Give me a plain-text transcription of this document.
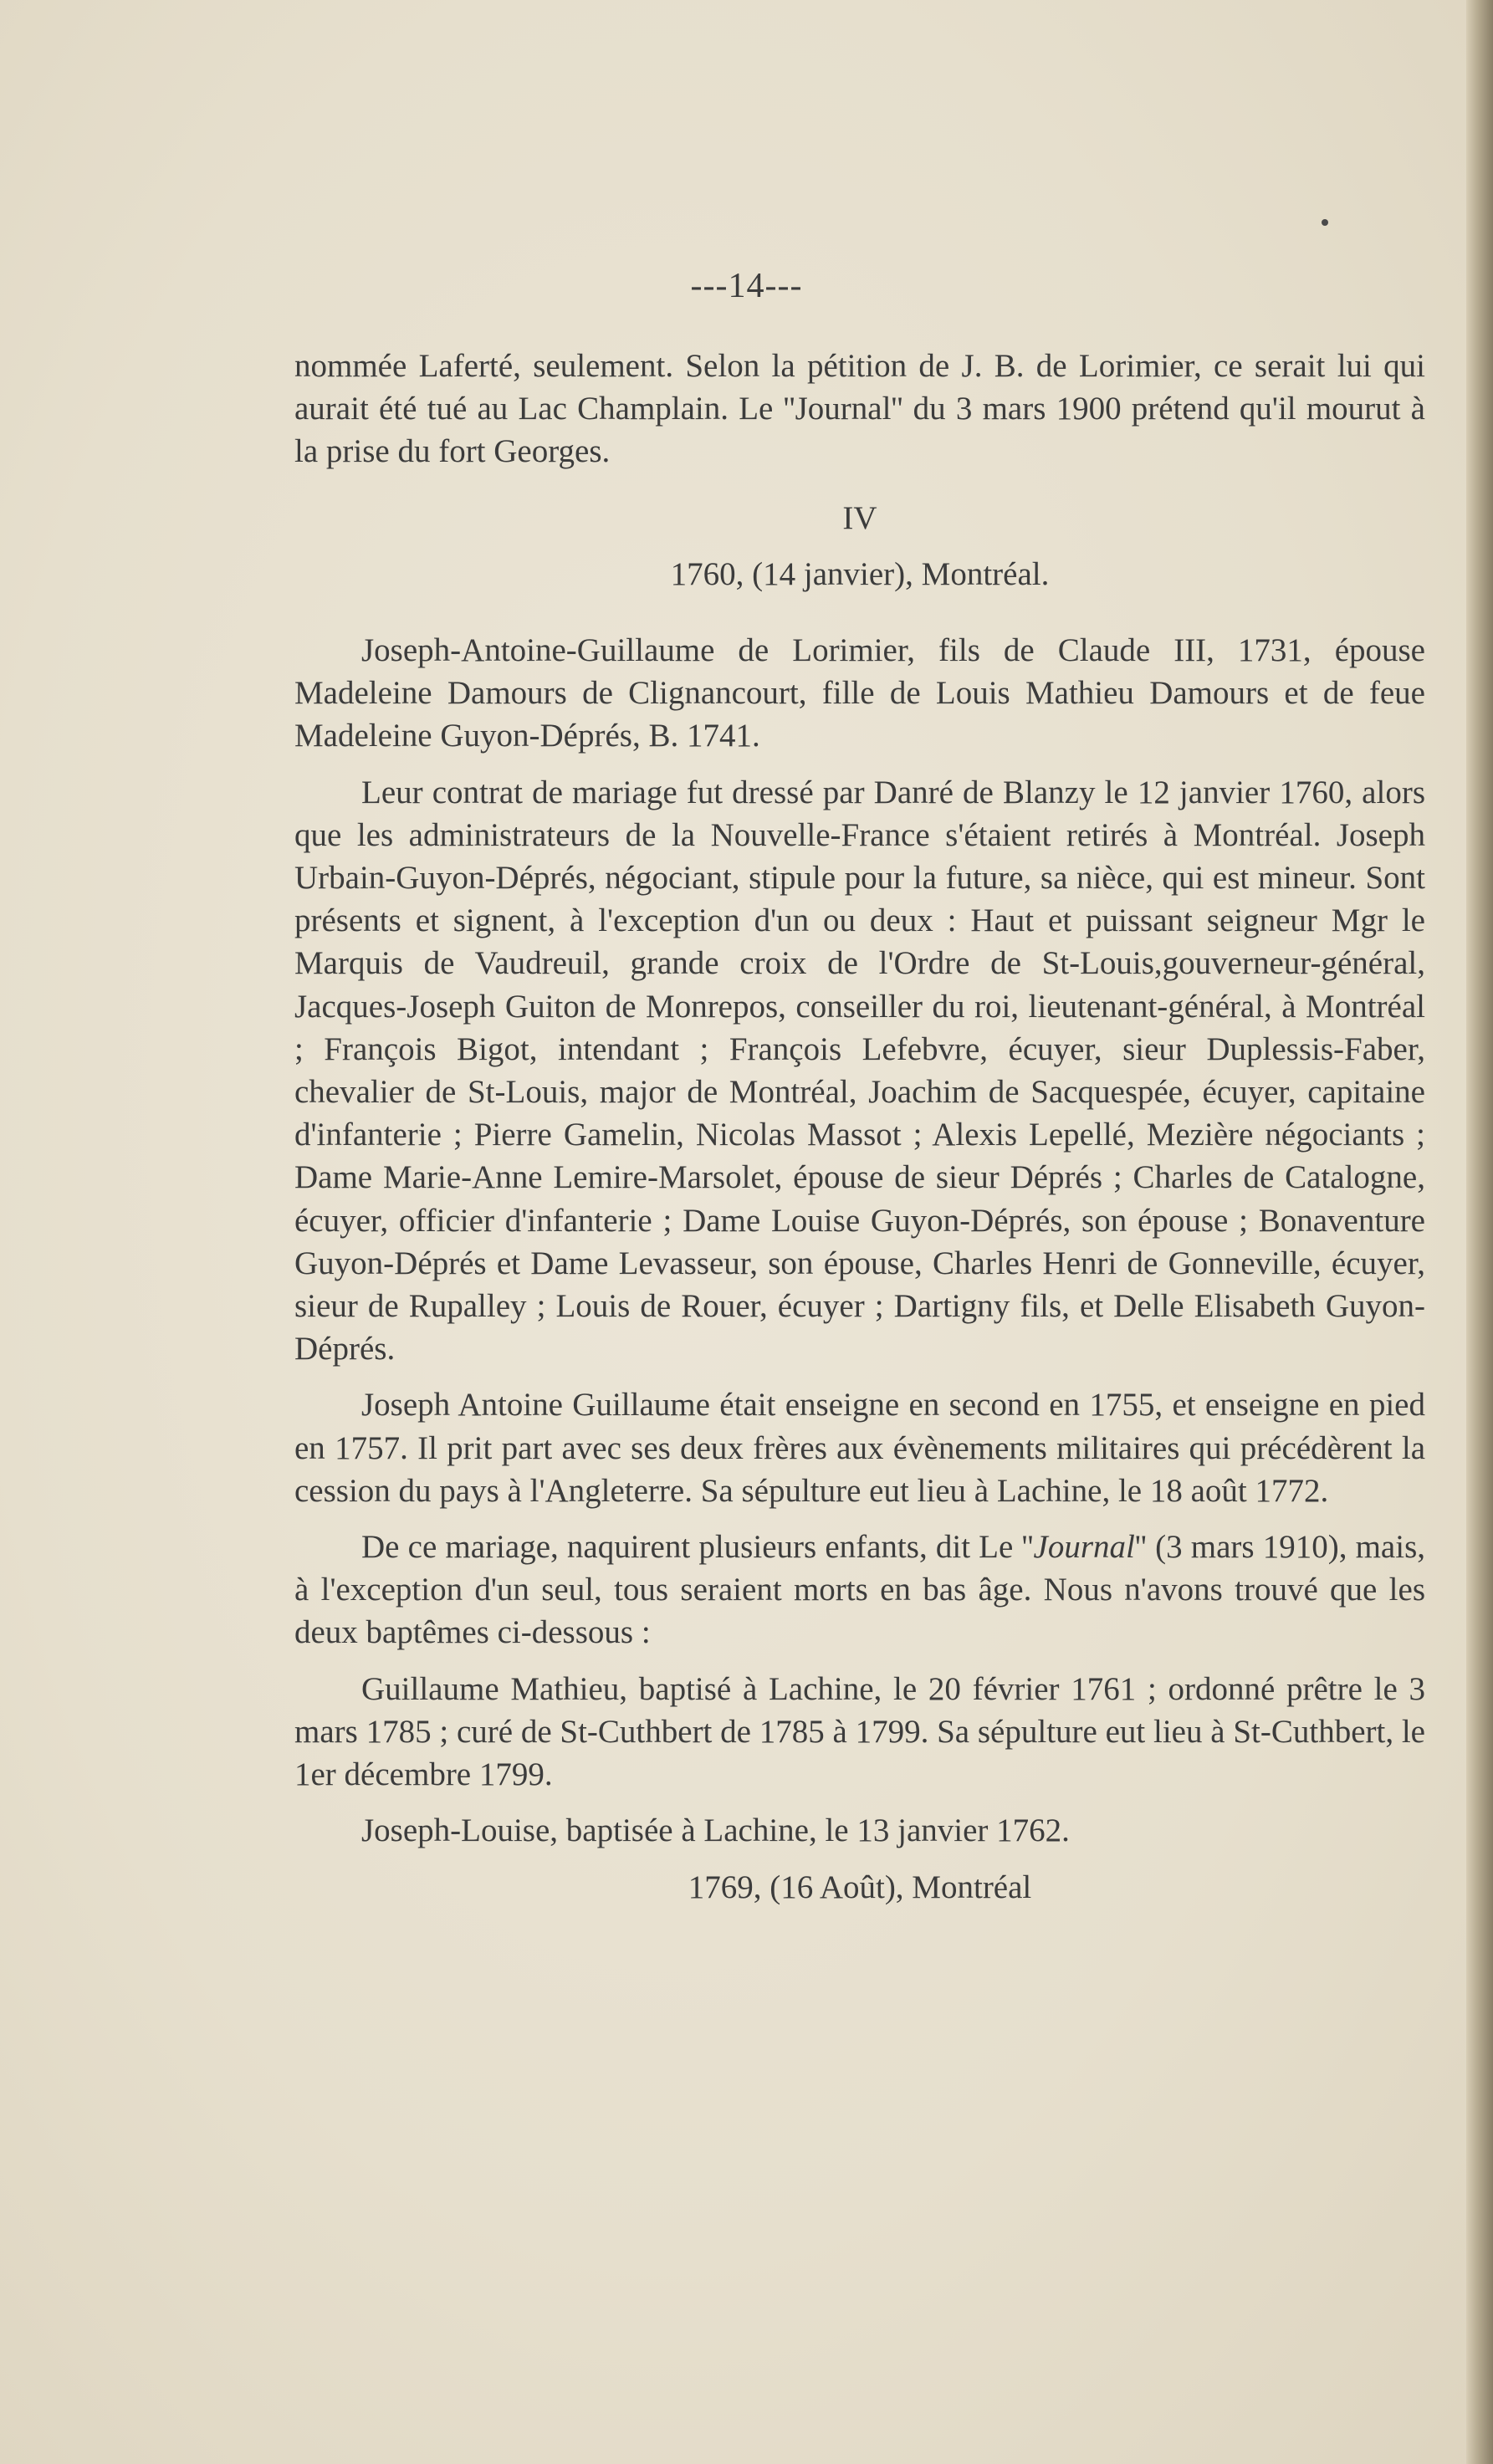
---14---

nommée Laferté, seulement. Selon la pétition de J. B. de Lorimier, ce serait lui qui aurait été tué au Lac Champlain. Le ''Journal'' du 3 mars 1900 prétend qu'il mourut à la prise du fort Georges.

IV

1760, (14 janvier), Montréal.

Joseph-Antoine-Guillaume de Lorimier, fils de Claude III, 1731, épouse Madeleine Damours de Clignancourt, fille de Louis Mathieu Damours et de feue Madeleine Guyon-Déprés, B. 1741.

Leur contrat de mariage fut dressé par Danré de Blanzy le 12 janvier 1760, alors que les administrateurs de la Nouvelle-France s'étaient retirés à Montréal. Joseph Urbain-Guyon-Déprés, négociant, stipule pour la future, sa nièce, qui est mineur. Sont présents et signent, à l'exception d'un ou deux : Haut et puissant seigneur Mgr le Marquis de Vaudreuil, grande croix de l'Ordre de St-Louis,gouverneur-général, Jacques-Joseph Guiton de Monrepos, conseiller du roi, lieutenant-général, à Montréal ; François Bigot, intendant ; François Lefebvre, écuyer, sieur Duplessis-Faber, chevalier de St-Louis, major de Montréal, Joachim de Sacquespée, écuyer, capitaine d'infanterie ; Pierre Gamelin, Nicolas Massot ; Alexis Lepellé, Mezière négociants ; Dame Marie-Anne Lemire-Marsolet, épouse de sieur Déprés ; Charles de Catalogne, écuyer, officier d'infanterie ; Dame Louise Guyon-Déprés, son épouse ; Bonaventure Guyon-Déprés et Dame Levasseur, son épouse, Charles Henri de Gonneville, écuyer, sieur de Rupalley ; Louis de Rouer, écuyer ; Dartigny fils, et Delle Elisabeth Guyon-Déprés.

Joseph Antoine Guillaume était enseigne en second en 1755, et enseigne en pied en 1757. Il prit part avec ses deux frères aux évènements militaires qui précédèrent la cession du pays à l'Angleterre. Sa sépulture eut lieu à Lachine, le 18 août 1772.

De ce mariage, naquirent plusieurs enfants, dit Le ''Journal'' (3 mars 1910), mais, à l'exception d'un seul, tous seraient morts en bas âge. Nous n'avons trouvé que les deux baptêmes ci-dessous :

Guillaume Mathieu, baptisé à Lachine, le 20 février 1761 ; ordonné prêtre le 3 mars 1785 ; curé de St-Cuthbert de 1785 à 1799. Sa sépulture eut lieu à St-Cuthbert, le 1er décembre 1799.

Joseph-Louise, baptisée à Lachine, le 13 janvier 1762.

1769, (16 Août), Montréal
